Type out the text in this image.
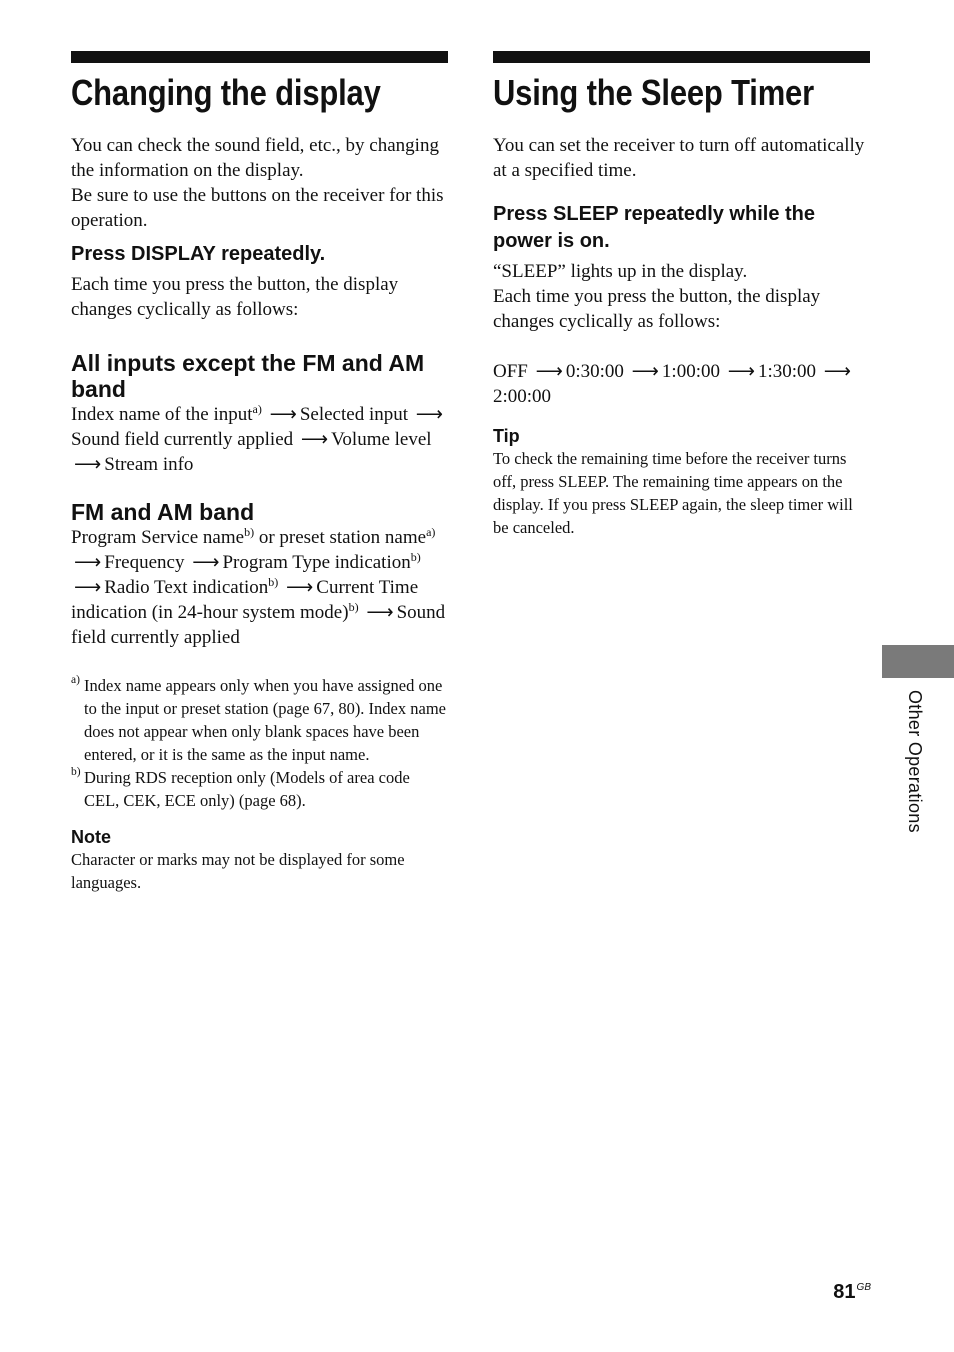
Changing the display

You can check the sound field, etc., by changing the information on the display.

Be sure to use the buttons on the receiver for this operation.

Press DISPLAY repeatedly.

Each time you press the button, the display changes cyclically as follows:

All inputs except the FM and AM band

Index name of the input$^{a)}$ ⟶ Selected input ⟶Sound field currently applied ⟶ Volume level ⟶ Stream info

FM and AM band

Program Service name$^{b)}$ or preset station name$^{a)}$ ⟶ Frequency ⟶ Program Type indication$^{b)}$ ⟶ Radio Text indication$^{b)}$ ⟶ Current Time indication (in 24-hour system mode)$^{b)}$ ⟶ Sound field currently applied

a) Index name appears only when you have assigned one to the input or preset station (page 67, 80). Index name does not appear when only blank spaces have been entered, or it is the same as the input name.

b) During RDS reception only (Models of area code CEL, CEK, ECE only) (page 68).

Note

Character or marks may not be displayed for some languages.

Using the Sleep Timer

You can set the receiver to turn off automatically at a specified time.

Press SLEEP repeatedly while the power is on.

“SLEEP” lights up in the display.

Each time you press the button, the display changes cyclically as follows:

OFF ⟶ 0:30:00 ⟶ 1:00:00 ⟶ 1:30:00 ⟶2:00:00

Tip

To check the remaining time before the receiver turns off, press SLEEP. The remaining time appears on the display. If you press SLEEP again, the sleep timer will be canceled.

Other Operations
$81^{GB}$
